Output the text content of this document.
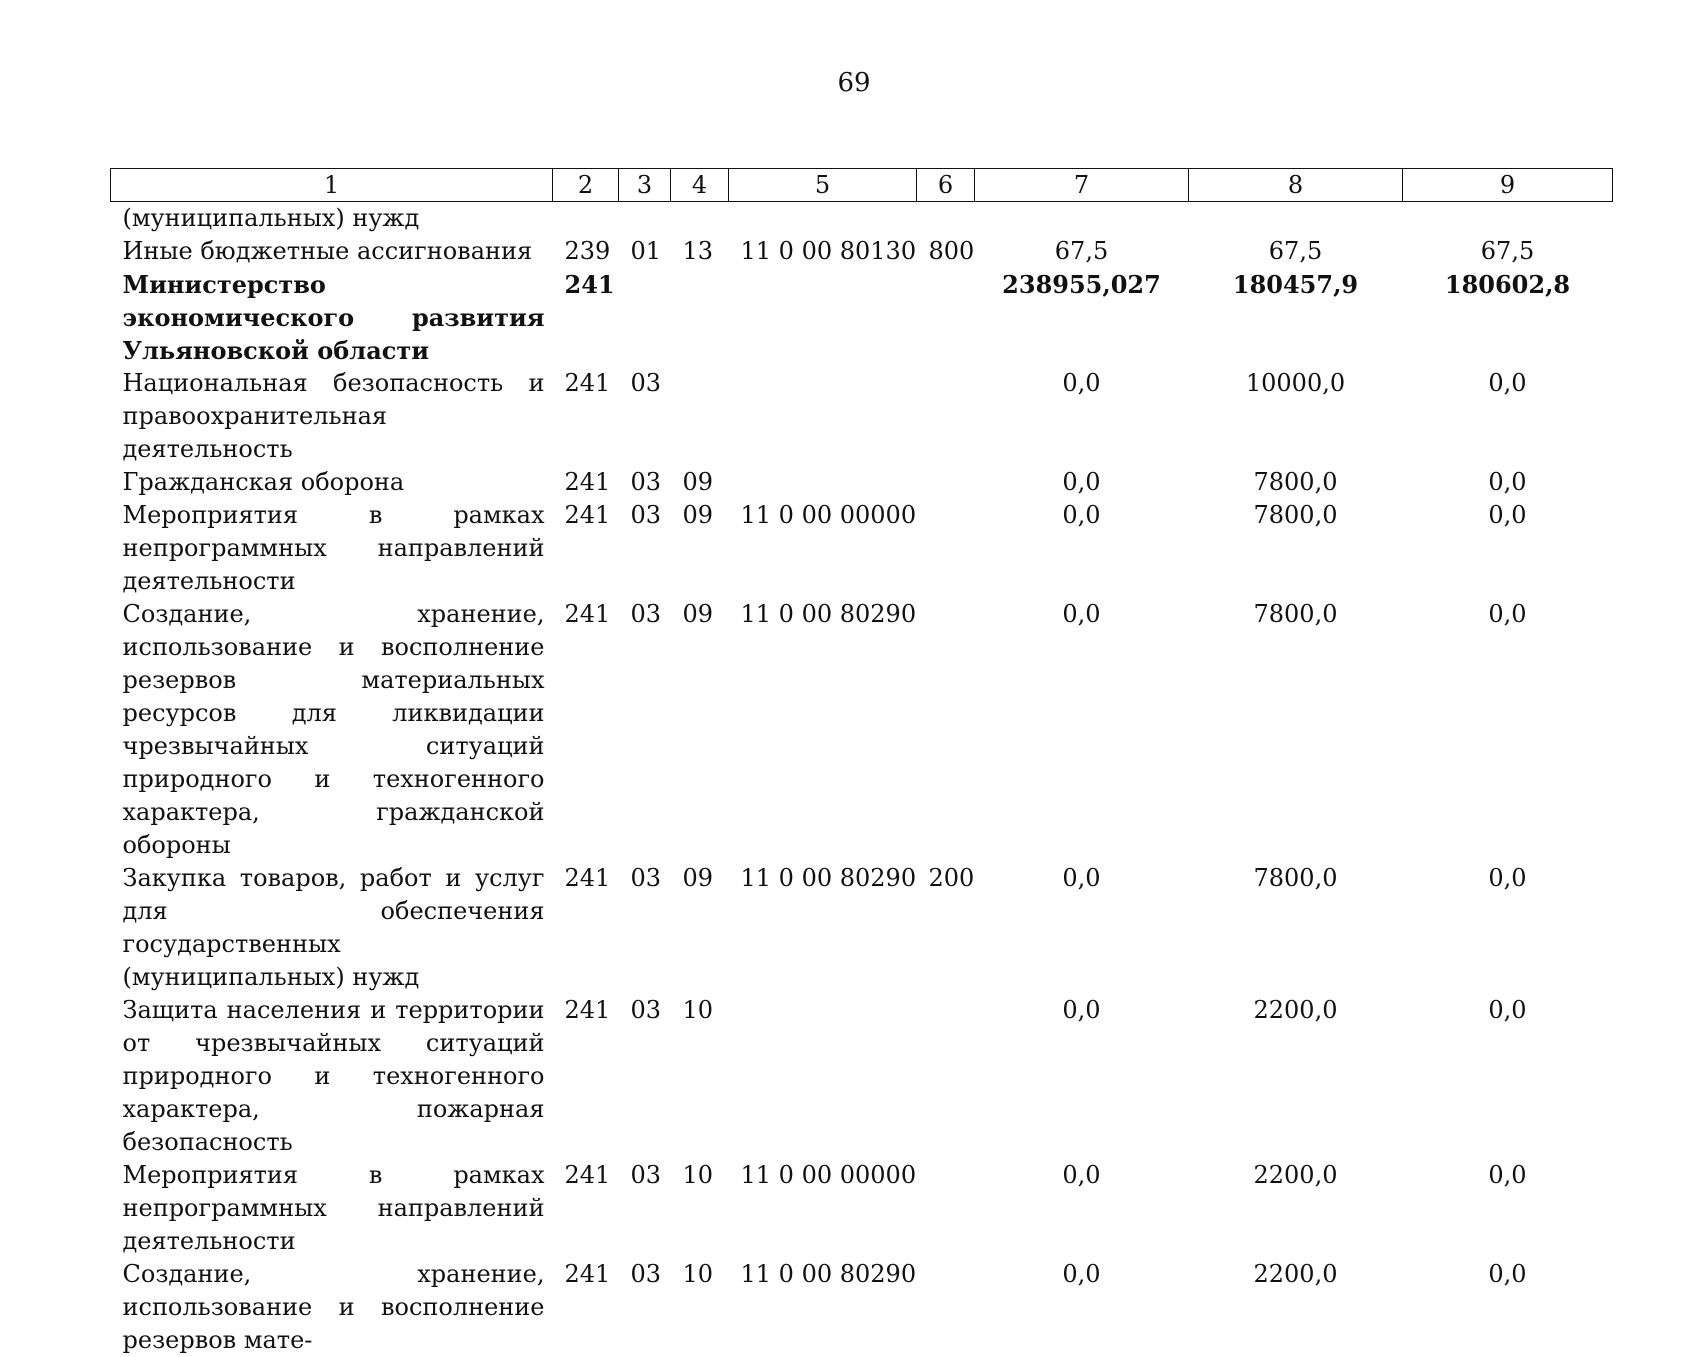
69
1	2	3	4	5	6	7	8	9
(муниципальных) нужд								
Иные бюджетные ассигнования	239	01	13	11 0 00 80130	800	67,5	67,5	67,5
Министерство экономического развития Ульяновской области	241					238955,027	180457,9	180602,8
Национальная безопасность и правоохранительная деятельность	241	03				0,0	10000,0	0,0
Гражданская оборона	241	03	09			0,0	7800,0	0,0
Мероприятия в рамках непрограммных направлений деятельности	241	03	09	11 0 00 00000		0,0	7800,0	0,0
Создание, хранение, использование и восполнение резервов материальных ресурсов для ликвидации чрезвычайных ситуаций природного и техногенного характера, гражданской обороны	241	03	09	11 0 00 80290		0,0	7800,0	0,0
Закупка товаров, работ и услуг для обеспечения государственных (муниципальных) нужд	241	03	09	11 0 00 80290	200	0,0	7800,0	0,0
Защита населения и территории от чрезвычайных ситуаций природного и техногенного характера, пожарная безопасность	241	03	10			0,0	2200,0	0,0
Мероприятия в рамках непрограммных направлений деятельности	241	03	10	11 0 00 00000		0,0	2200,0	0,0
Создание, хранение, использование и восполнение резервов мате-	241	03	10	11 0 00 80290		0,0	2200,0	0,0
